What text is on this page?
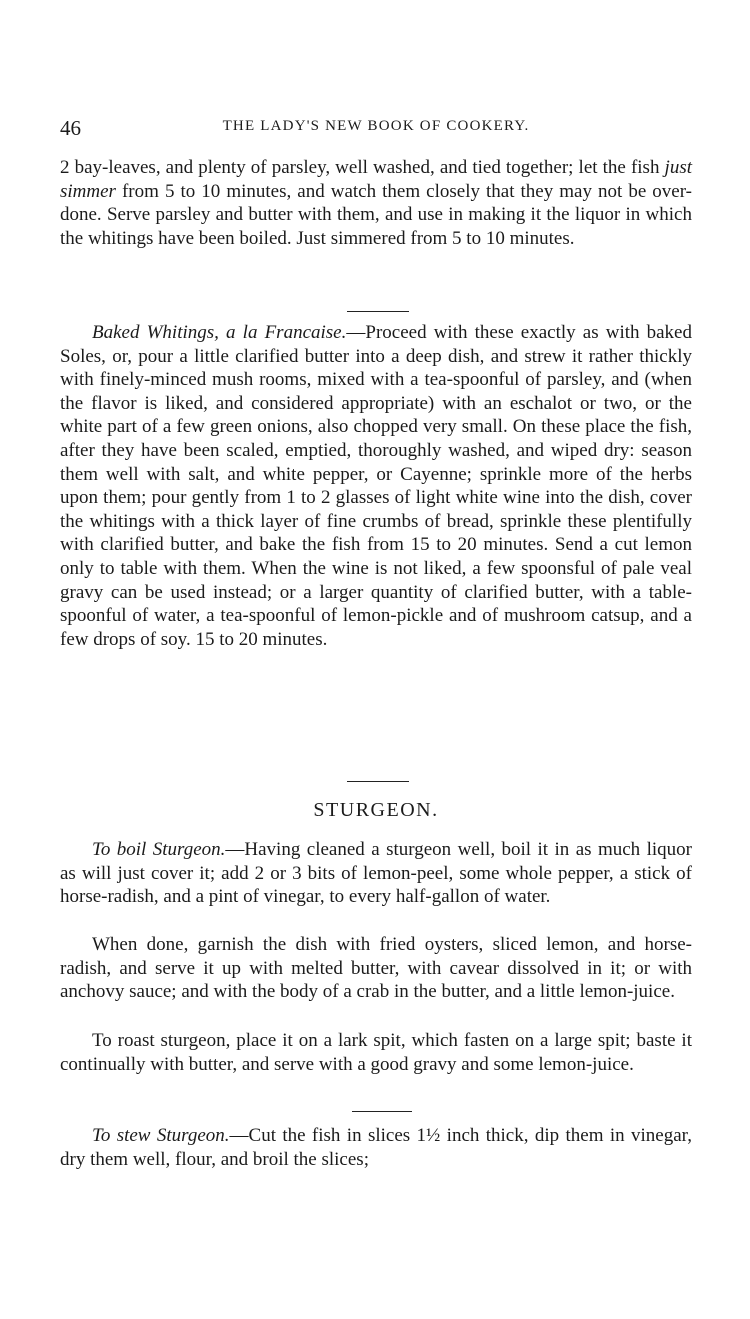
46	THE LADY'S NEW BOOK OF COOKERY.

2 bay-leaves, and plenty of parsley, well washed, and tied together; let the fish just simmer from 5 to 10 minutes, and watch them closely that they may not be over-done. Serve parsley and butter with them, and use in making it the liquor in which the whitings have been boiled. Just simmered from 5 to 10 minutes.

Baked Whitings, a la Francaise.—Proceed with these exactly as with baked Soles, or, pour a little clarified butter into a deep dish, and strew it rather thickly with finely-minced mush rooms, mixed with a tea-spoonful of parsley, and (when the flavor is liked, and considered appropriate) with an eschalot or two, or the white part of a few green onions, also chopped very small. On these place the fish, after they have been scaled, emptied, thoroughly washed, and wiped dry: season them well with salt, and white pepper, or Cayenne; sprinkle more of the herbs upon them; pour gently from 1 to 2 glasses of light white wine into the dish, cover the whitings with a thick layer of fine crumbs of bread, sprinkle these plentifully with clarified butter, and bake the fish from 15 to 20 minutes. Send a cut lemon only to table with them. When the wine is not liked, a few spoonsful of pale veal gravy can be used instead; or a larger quantity of clarified butter, with a table-spoonful of water, a tea-spoonful of lemon-pickle and of mushroom catsup, and a few drops of soy. 15 to 20 minutes.

STURGEON.

To boil Sturgeon.—Having cleaned a sturgeon well, boil it in as much liquor as will just cover it; add 2 or 3 bits of lemon-peel, some whole pepper, a stick of horse-radish, and a pint of vinegar, to every half-gallon of water.

When done, garnish the dish with fried oysters, sliced lemon, and horse-radish, and serve it up with melted butter, with cavear dissolved in it; or with anchovy sauce; and with the body of a crab in the butter, and a little lemon-juice.

To roast sturgeon, place it on a lark spit, which fasten on a large spit; baste it continually with butter, and serve with a good gravy and some lemon-juice.

To stew Sturgeon.—Cut the fish in slices 1½ inch thick, dip them in vinegar, dry them well, flour, and broil the slices;
